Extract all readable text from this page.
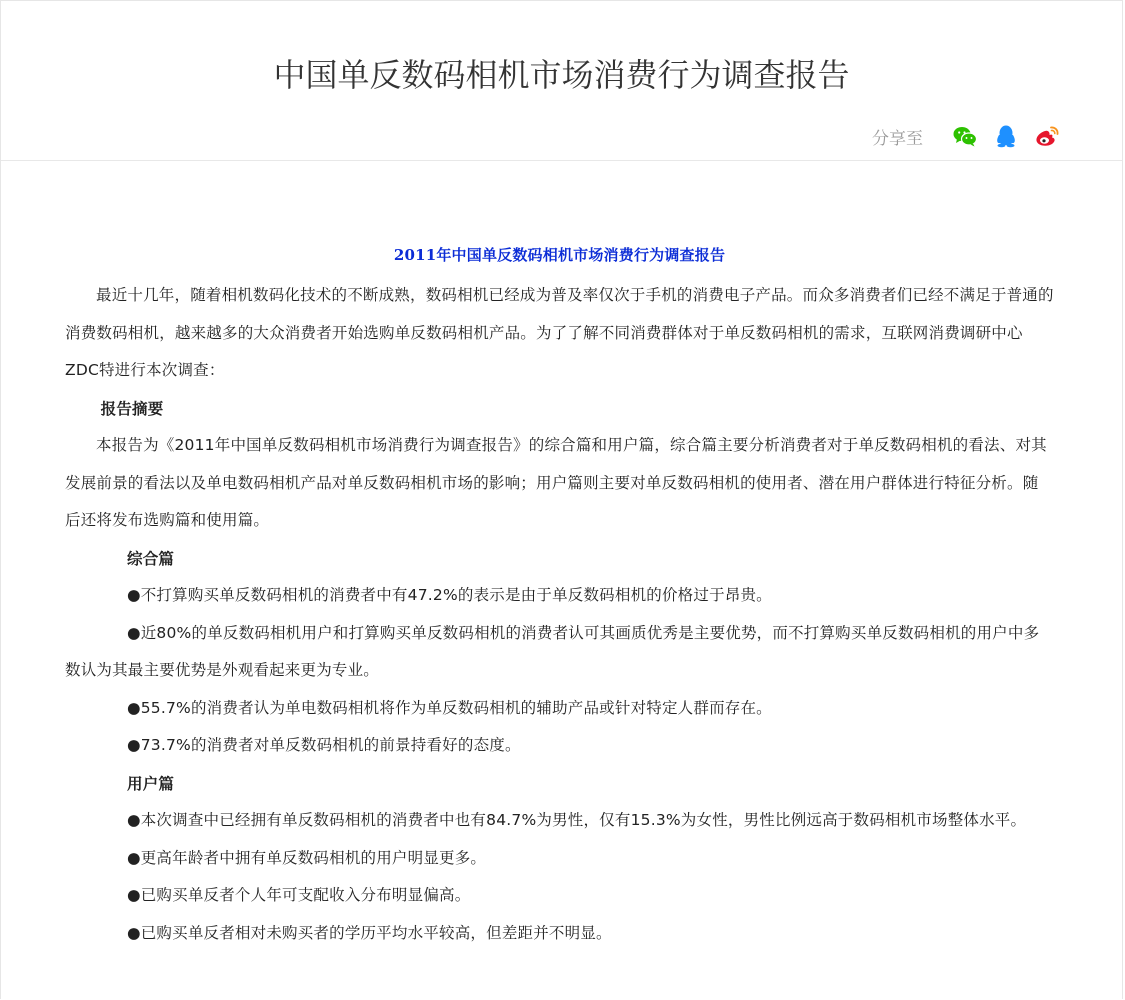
中国单反数码相机市场消费行为调查报告
分享至

2011年中国单反数码相机市场消费行为调查报告

最近十几年，随着相机数码化技术的不断成熟，数码相机已经成为普及率仅次于手机的消费电子产品。而众多消费者们已经不满足于普通的消费数码相机，越来越多的大众消费者开始选购单反数码相机产品。为了了解不同消费群体对于单反数码相机的需求，互联网消费调研中心ZDC特进行本次调查：

报告摘要

本报告为《2011年中国单反数码相机市场消费行为调查报告》的综合篇和用户篇，综合篇主要分析消费者对于单反数码相机的看法、对其发展前景的看法以及单电数码相机产品对单反数码相机市场的影响；用户篇则主要对单反数码相机的使用者、潜在用户群体进行特征分析。随后还将发布选购篇和使用篇。

综合篇

●不打算购买单反数码相机的消费者中有47.2%的表示是由于单反数码相机的价格过于昂贵。

●近80%的单反数码相机用户和打算购买单反数码相机的消费者认可其画质优秀是主要优势，而不打算购买单反数码相机的用户中多数认为其最主要优势是外观看起来更为专业。

●55.7%的消费者认为单电数码相机将作为单反数码相机的辅助产品或针对特定人群而存在。

●73.7%的消费者对单反数码相机的前景持看好的态度。

用户篇

●本次调查中已经拥有单反数码相机的消费者中也有84.7%为男性，仅有15.3%为女性，男性比例远高于数码相机市场整体水平。

●更高年龄者中拥有单反数码相机的用户明显更多。

●已购买单反者个人年可支配收入分布明显偏高。

●已购买单反者相对未购买者的学历平均水平较高，但差距并不明显。
